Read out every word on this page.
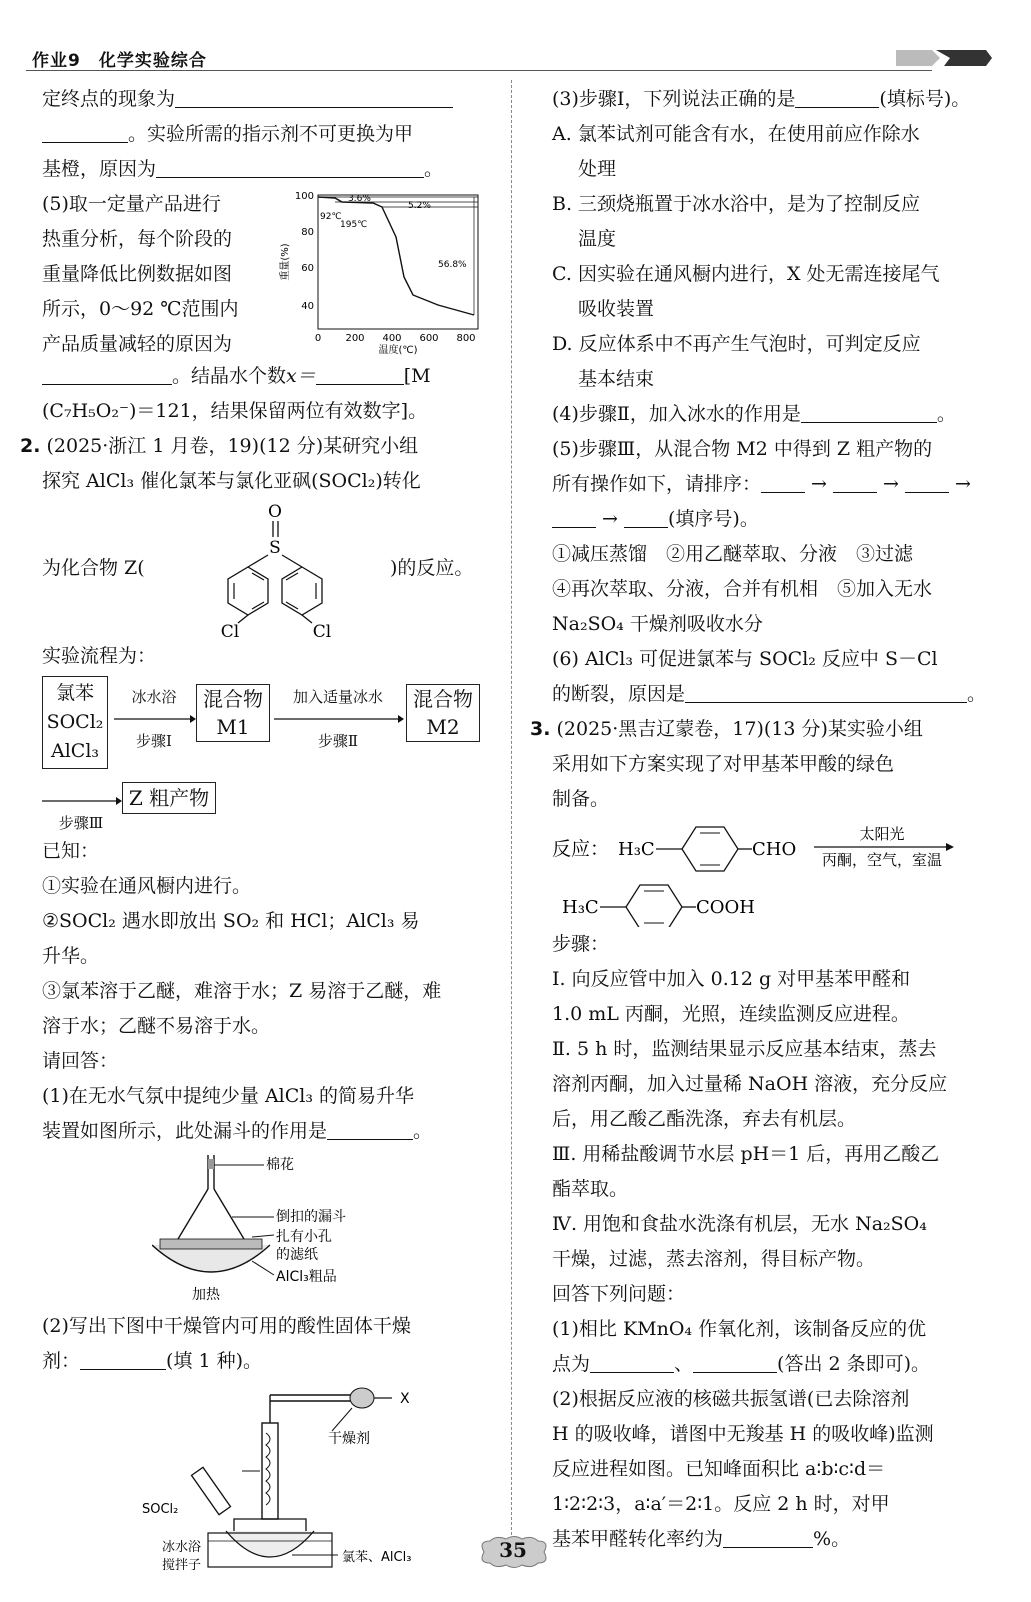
作业9　化学实验综合
定终点的现象为
。实验所需的指示剂不可更换为甲
基橙，原因为	。
(5)取一定量产品进行
热重分析，每个阶段的
重量降低比例数据如图
所示，0～92 ℃范围内
产品质量减轻的原因为
100
80
60
40
0 200 400 600 800
温度(℃)
重量(%)
3.6%
5.2%
56.8%
92℃
195℃
。结晶水个数x＝	[M
(C₇H₅O₂⁻)＝121，结果保留两位有效数字]。
2. (2025·浙江 1 月卷，19)(12 分)某研究小组
探究 AlCl₃ 催化氯苯与氯化亚砜(SOCl₂)转化
为化合物 Z(	)的反应。
O
S
Cl	Cl
实验流程为：
氯苯
SOCl₂
AlCl₃
冰水浴
步骤Ⅰ
混合物
M1
加入适量冰水
步骤Ⅱ
混合物
M2
步骤Ⅲ
Z 粗产物
已知：
①实验在通风橱内进行。
②SOCl₂ 遇水即放出 SO₂ 和 HCl；AlCl₃ 易
升华。
③氯苯溶于乙醚，难溶于水；Z 易溶于乙醚，难
溶于水；乙醚不易溶于水。
请回答：
(1)在无水气氛中提纯少量 AlCl₃ 的简易升华
装置如图所示，此处漏斗的作用是	。
棉花
倒扣的漏斗
扎有小孔
的滤纸
AlCl₃粗品
加热
(2)写出下图中干燥管内可用的酸性固体干燥
剂：	(填 1 种)。
X
干燥剂
SOCl₂
冰水浴
搅拌子
氯苯、AlCl₃
(3)步骤Ⅰ，下列说法正确的是	(填标号)。
A. 氯苯试剂可能含有水，在使用前应作除水
处理
B. 三颈烧瓶置于冰水浴中，是为了控制反应
温度
C. 因实验在通风橱内进行，X 处无需连接尾气
吸收装置
D. 反应体系中不再产生气泡时，可判定反应
基本结束
(4)步骤Ⅱ，加入冰水的作用是	。
(5)步骤Ⅲ，从混合物 M2 中得到 Z 粗产物的
所有操作如下，请排序： →  →  →
→ (填序号)。
①减压蒸馏　②用乙醚萃取、分液　③过滤
④再次萃取、分液，合并有机相　⑤加入无水
Na₂SO₄ 干燥剂吸收水分
(6) AlCl₃ 可促进氯苯与 SOCl₂ 反应中 S－Cl
的断裂，原因是	。
3. (2025·黑吉辽蒙卷，17)(13 分)某实验小组
采用如下方案实现了对甲基苯甲酸的绿色
制备。
反应： H₃C	CHO
太阳光
丙酮，空气，室温
H₃C	COOH
步骤：
Ⅰ. 向反应管中加入 0.12 g 对甲基苯甲醛和
1.0 mL 丙酮，光照，连续监测反应进程。
Ⅱ. 5 h 时，监测结果显示反应基本结束，蒸去
溶剂丙酮，加入过量稀 NaOH 溶液，充分反应
后，用乙酸乙酯洗涤，弃去有机层。
Ⅲ. 用稀盐酸调节水层 pH＝1 后，再用乙酸乙
酯萃取。
Ⅳ. 用饱和食盐水洗涤有机层，无水 Na₂SO₄
干燥，过滤，蒸去溶剂，得目标产物。
回答下列问题：
(1)相比 KMnO₄ 作氧化剂，该制备反应的优
点为	、	(答出 2 条即可)。
(2)根据反应液的核磁共振氢谱(已去除溶剂
H 的吸收峰，谱图中无羧基 H 的吸收峰)监测
反应进程如图。已知峰面积比 a∶b∶c∶d＝
1∶2∶2∶3，a∶a′＝2∶1。反应 2 h 时，对甲
基苯甲醛转化率约为	%。
35
